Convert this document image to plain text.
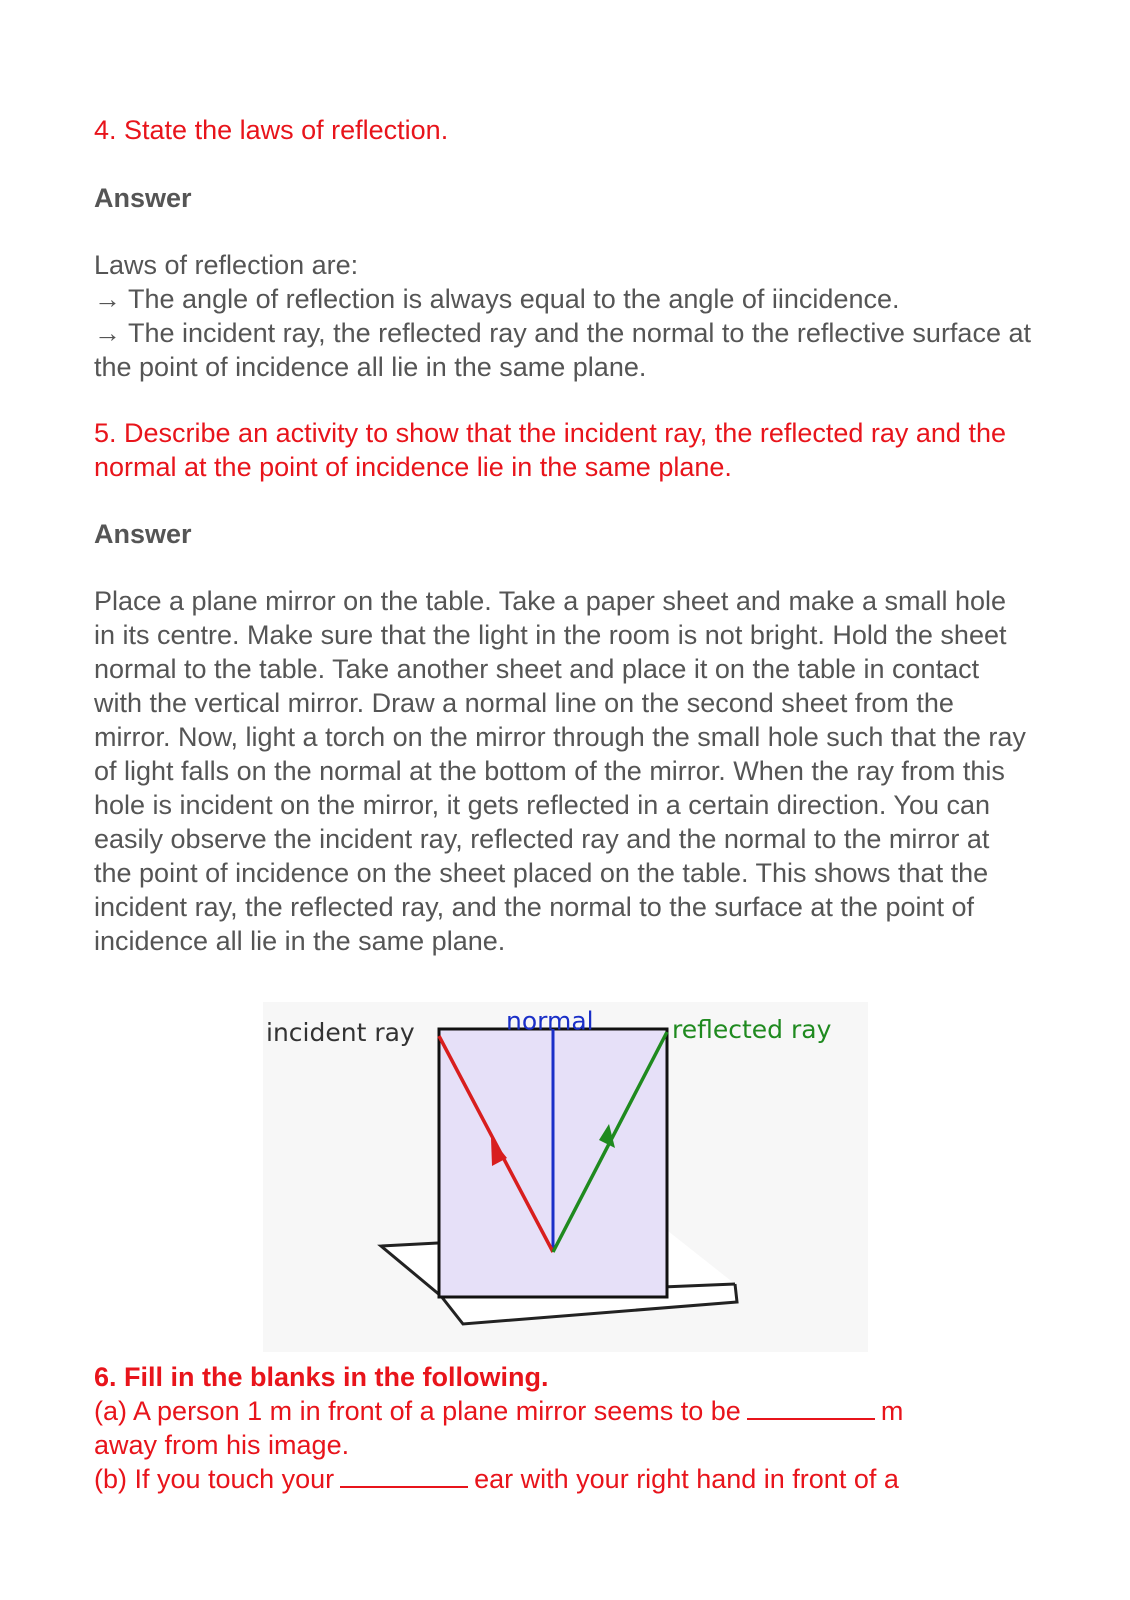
4. State the laws of reflection.

Answer

Laws of reflection are:

→ The angle of reflection is always equal to the angle of iincidence.

→ The incident ray, the reflected ray and the normal to the reflective surface at the point of incidence all lie in the same plane.

5. Describe an activity to show that the incident ray, the reflected ray and the normal at the point of incidence lie in the same plane.

Answer

Place a plane mirror on the table. Take a paper sheet and make a small hole in its centre. Make sure that the light in the room is not bright. Hold the sheet normal to the table. Take another sheet and place it on the table in contact with the vertical mirror. Draw a normal line on the second sheet from the mirror. Now, light a torch on the mirror through the small hole such that the ray of light falls on the normal at the bottom of the mirror. When the ray from this hole is incident on the mirror, it gets reflected in a certain direction. You can easily observe the incident ray, reflected ray and the normal to the mirror at the point of incidence on the sheet placed on the table. This shows that the incident ray, the reflected ray, and the normal to the surface at the point of incidence all lie in the same plane.

6. Fill in the blanks in the following.

(a) A person 1 m in front of a plane mirror seems to be	m

away from his image.

(b) If you touch your	ear with your right hand in front of a

normal
incident ray	reflected ray
